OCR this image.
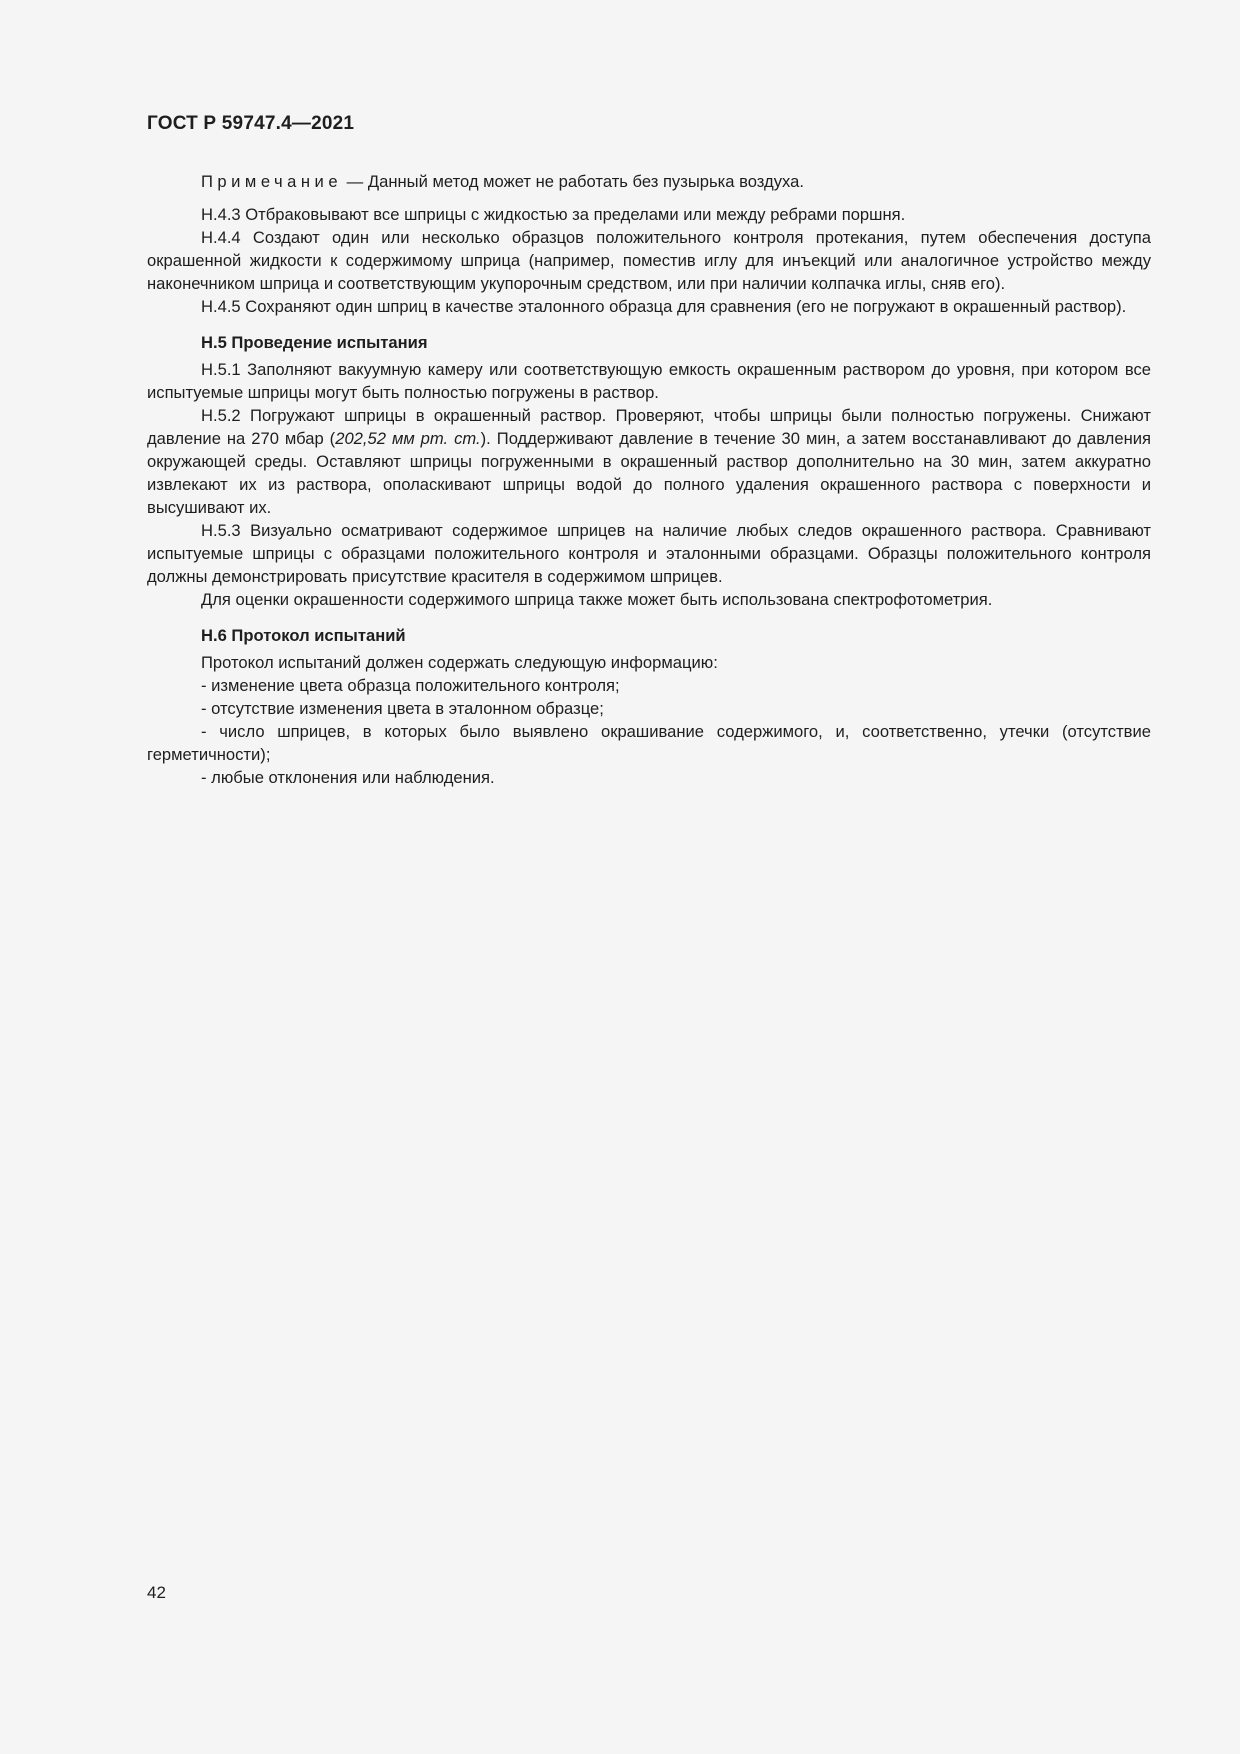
ГОСТ Р 59747.4—2021

Примечание — Данный метод может не работать без пузырька воздуха.

Н.4.3 Отбраковывают все шприцы с жидкостью за пределами или между ребрами поршня.

Н.4.4 Создают один или несколько образцов положительного контроля протекания, путем обеспечения доступа окрашенной жидкости к содержимому шприца (например, поместив иглу для инъекций или аналогичное устройство между наконечником шприца и соответствующим укупорочным средством, или при наличии колпачка иглы, сняв его).

Н.4.5 Сохраняют один шприц в качестве эталонного образца для сравнения (его не погружают в окрашенный раствор).

Н.5 Проведение испытания

Н.5.1 Заполняют вакуумную камеру или соответствующую емкость окрашенным раствором до уровня, при котором все испытуемые шприцы могут быть полностью погружены в раствор.

Н.5.2 Погружают шприцы в окрашенный раствор. Проверяют, чтобы шприцы были полностью погружены. Снижают давление на 270 мбар (202,52 мм рт. ст.). Поддерживают давление в течение 30 мин, а затем восстанавливают до давления окружающей среды. Оставляют шприцы погруженными в окрашенный раствор дополнительно на 30 мин, затем аккуратно извлекают их из раствора, ополаскивают шприцы водой до полного удаления окрашенного раствора с поверхности и высушивают их.

Н.5.3 Визуально осматривают содержимое шприцев на наличие любых следов окрашенного раствора. Сравнивают испытуемые шприцы с образцами положительного контроля и эталонными образцами. Образцы положительного контроля должны демонстрировать присутствие красителя в содержимом шприцев.

Для оценки окрашенности содержимого шприца также может быть использована спектрофотометрия.

Н.6 Протокол испытаний

Протокол испытаний должен содержать следующую информацию:

- изменение цвета образца положительного контроля;

- отсутствие изменения цвета в эталонном образце;

- число шприцев, в которых было выявлено окрашивание содержимого, и, соответственно, утечки (отсутствие герметичности);

- любые отклонения или наблюдения.

42
